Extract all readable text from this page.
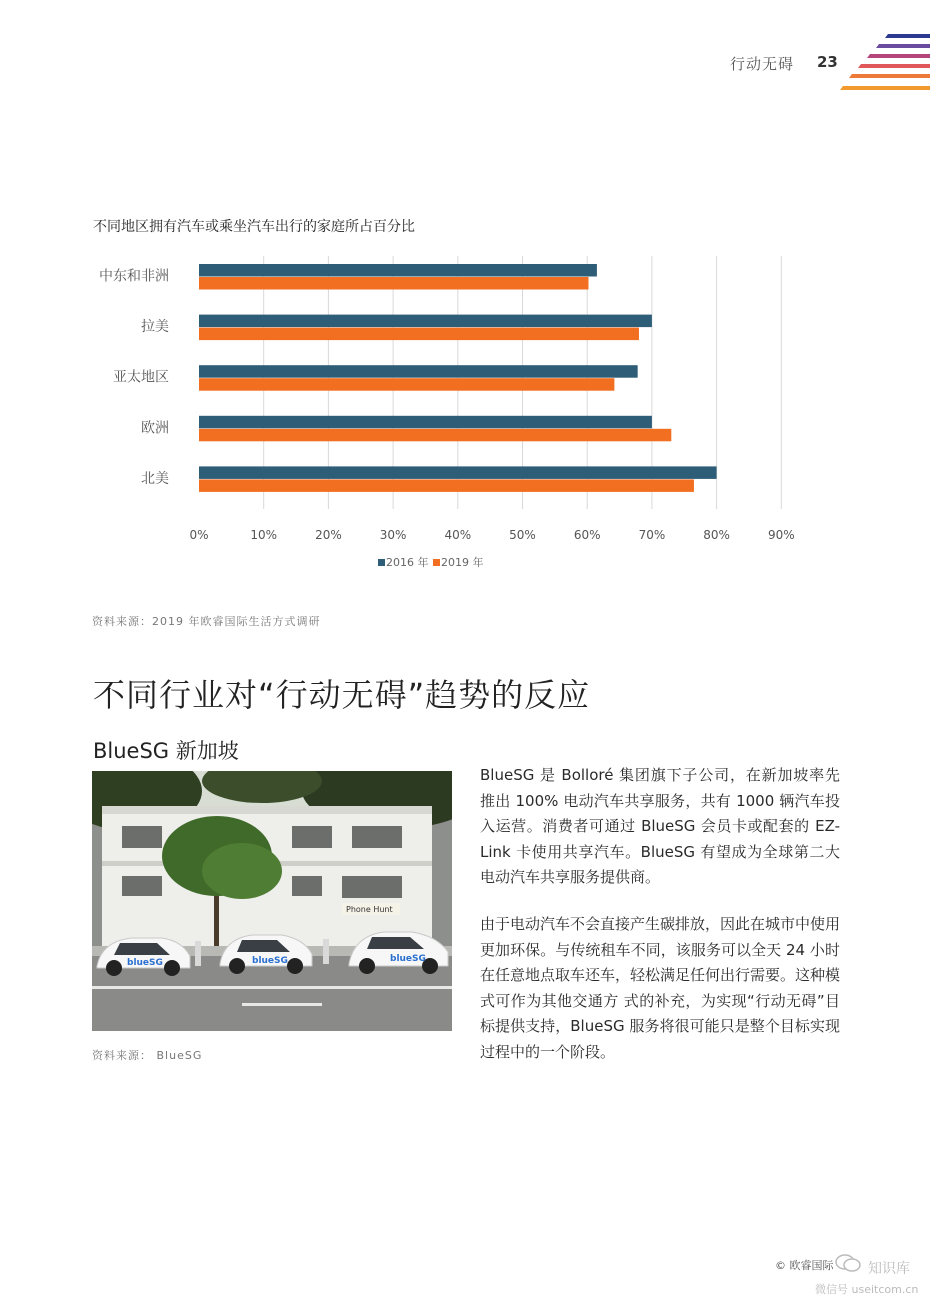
行动无碍 23
不同地区拥有汽车或乘坐汽车出行的家庭所占百分比
0%	10%	20%	30%	40%	50%	60%	70%	80%	90%
中东和非洲
拉美
亚太地区
欧洲
北美
2016 年 2019 年
资料来源：2019 年欧睿国际生活方式调研
不同行业对“行动无碍”趋势的反应
BlueSG 新加坡
Phone Hunt
blueSG	blueSG	blueSG
资料来源： BlueSG
BlueSG 是 Bolloré 集团旗下子公司，在新加坡率先推出 100% 电动汽车共享服务，共有 1000 辆汽车投入运营。消费者可通过 BlueSG 会员卡或配套的 EZ-Link 卡使用共享汽车。BlueSG 有望成为全球第二大电动汽车共享服务提供商。
由于电动汽车不会直接产生碳排放，因此在城市中使用更加环保。与传统租车不同，该服务可以全天 24 小时在任意地点取车还车，轻松满足任何出行需要。这种模式可作为其他交通方 式的补充，为实现“行动无碍”目标提供支持，BlueSG 服务将很可能只是整个目标实现过程中的一个阶段。
© 欧睿国际 知识库
微信号 useitcom.cn
